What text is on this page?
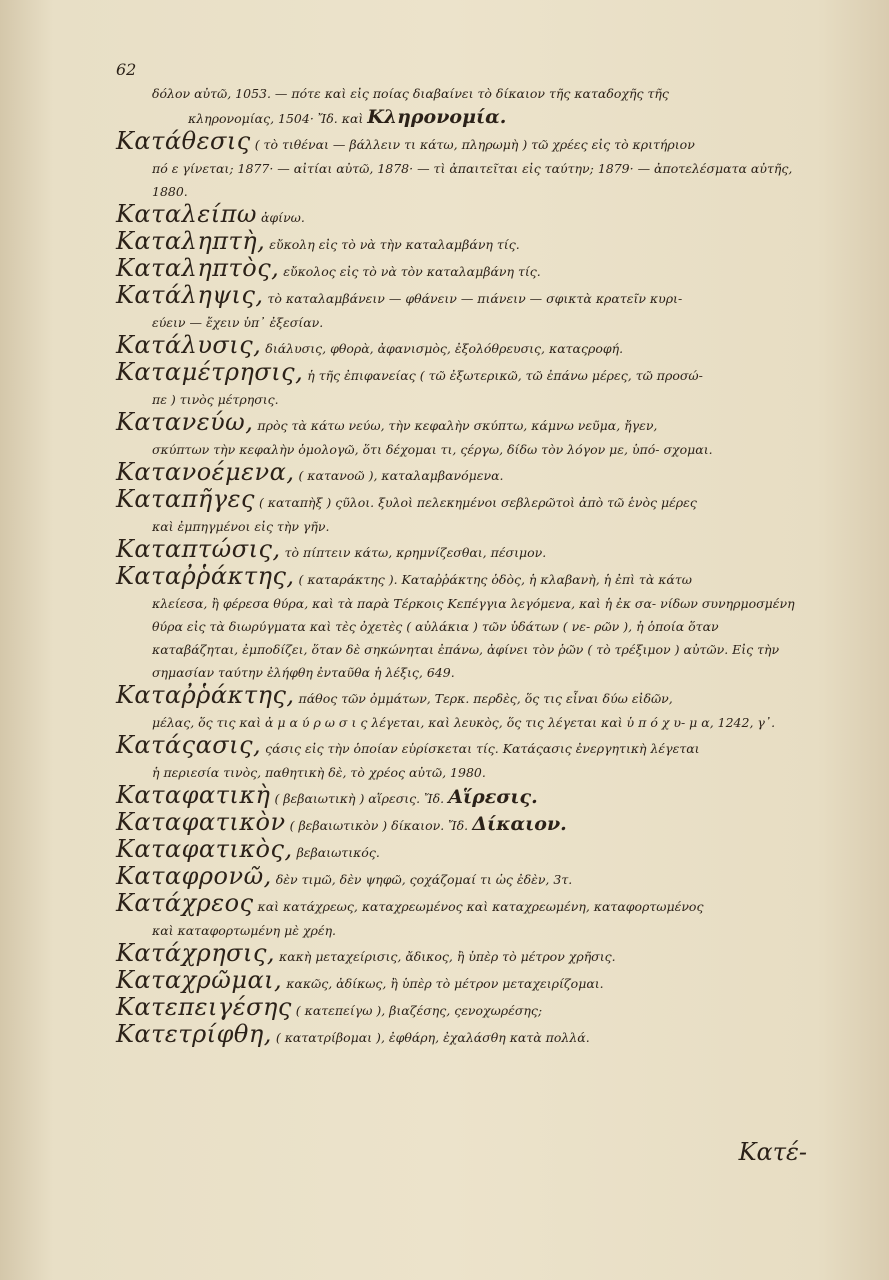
62

δόλον αὐτῶ, 1053. — πότε καὶ εἰς ποίας διαβαίνει τὸ δίκαιον τῆς καταδοχῆς τῆς
κληρονομίας, 1504· Ἴδ. καὶ Κληρονομία.

Κατάθεσις ( τὸ τιθέναι — βάλλειν τι κάτω, πληρωμὴ ) τῶ χρέες εἰς τὸ κριτήριον
πό ε γίνεται; 1877· — αἰτίαι αὐτῶ, 1878· — τὶ ἀπαιτεῖται εἰς ταύτην; 1879· — ἀποτελέσματα αὐτῆς, 1880.

Καταλείπω ἀφίνω.

Καταληπτὴ, εὔκολη εἰς τὸ νὰ τὴν καταλαμβάνη τίς.

Καταληπτὸς, εὔκολος εἰς τὸ νὰ τὸν καταλαμβάνη τίς.

Κατάληψις, τὸ καταλαμβάνειν — φθάνειν — πιάνειν — σφικτὰ κρατεῖν κυρι-
εύειν — ἔχειν ὑπ᾽ ἐξεσίαν.

Κατάλυσις, διάλυσις, φθορὰ, ἀφανισμὸς, ἐξολόθρευσις, καταςροφή.

Καταμέτρησις, ἡ τῆς ἐπιφανείας ( τῶ ἐξωτερικῶ, τῶ ἐπάνω μέρες, τῶ προσώ-
πε ) τινὸς μέτρησις.

Κατανεύω, πρὸς τὰ κάτω νεύω, τὴν κεφαλὴν σκύπτω, κάμνω νεῦμα, ἤγεν,
σκύπτων τὴν κεφαλὴν ὁμολογῶ, ὅτι δέχομαι τι, ςέργω, δίδω τὸν λόγον με, ὑπό- σχομαι.

Κατανοέμενα, ( κατανοῶ ), καταλαμβανόμενα.

Καταπῆγες ( καταπὴξ ) ςῦλοι. ξυλοὶ πελεκημένοι σεβλερῶτοὶ ἀπὸ τῶ ἑνὸς μέρες
καὶ ἐμπηγμένοι εἰς τὴν γῆν.

Καταπτώσις, τὸ πίπτειν κάτω, κρημνίζεσθαι, πέσιμον.

Καταῤῥάκτης, ( καταράκτης ). Καταῤῥάκτης ὁδὸς, ἡ κλαβανὴ, ἡ ἐπὶ τὰ κάτω
κλείεσα, ἢ φέρεσα θύρα, καὶ τὰ παρὰ Τέρκοις Κεπέγγια λεγόμενα, καὶ ἡ ἐκ σα- νίδων συνηρμοσμένη θύρα εἰς τὰ διωρύγματα καὶ τὲς ὀχετὲς ( αὐλάκια ) τῶν ὑδάτων ( νε- ρῶν ), ἡ ὁποία ὅταν καταβάζηται, ἐμποδίζει, ὅταν δὲ σηκώνηται ἐπάνω, ἀφίνει τὸν ῥῶν ( τὸ τρέξιμον ) αὐτῶν. Εἰς τὴν σημασίαν ταύτην ἐλήφθη ἐνταῦθα ἡ λέξις, 649.

Καταῤῥάκτης, πάθος τῶν ὀμμάτων, Τερκ. περδὲς, ὅς τις εἶναι δύω εἰδῶν,
μέλας, ὅς τις καὶ ἀ μ α ύ ρ ω σ ι ς λέγεται, καὶ λευκὸς, ὅς τις λέγεται καὶ ὑ π ό χ υ- μ α, 1242, γ᾽.

Κατάςασις, ςάσις εἰς τὴν ὁποίαν εὑρίσκεται τίς. Κατάςασις ἐνεργητικὴ λέγεται
ἡ περιεσία τινὸς, παθητικὴ δὲ, τὸ χρέος αὐτῶ, 1980.

Καταφατικὴ ( βεβαιωτικὴ ) αἵρεσις. Ἴδ. Αἵρεσις.

Καταφατικὸν ( βεβαιωτικὸν ) δίκαιον. Ἴδ. Δίκαιον.

Καταφατικὸς, βεβαιωτικός.

Καταφρονῶ, δὲν τιμῶ, δὲν ψηφῶ, ςοχάζομαί τι ὡς ἐδὲν, 3τ.

Κατάχρεος καὶ κατάχρεως, καταχρεωμένος καὶ καταχρεωμένη, καταφορτωμένος
καὶ καταφορτωμένη μὲ χρέη.

Κατάχρησις, κακὴ μεταχείρισις, ἄδικος, ἢ ὑπὲρ τὸ μέτρον χρῆσις.

Καταχρῶμαι, κακῶς, ἀδίκως, ἢ ὑπὲρ τὸ μέτρον μεταχειρίζομαι.

Κατεπειγέσης ( κατεπείγω ), βιαζέσης, ςενοχωρέσης;

Κατετρίφθη, ( κατατρίβομαι ), ἐφθάρη, ἐχαλάσθη κατὰ πολλά.

Κατέ-
